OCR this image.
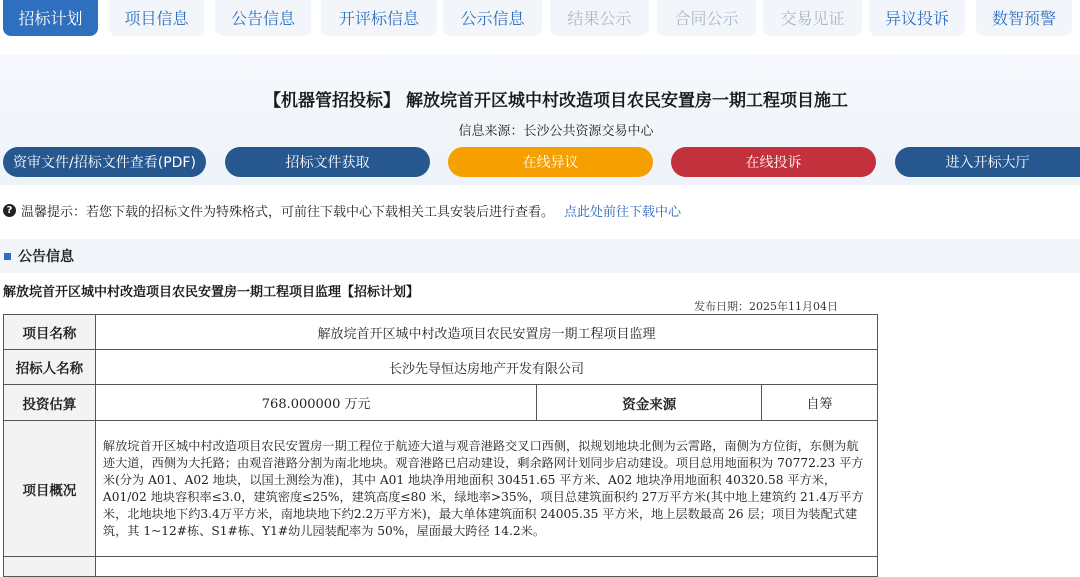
招标计划	项目信息	公告信息	开评标信息	公示信息	结果公示	合同公示	交易见证	异议投诉	数智预警
【机器管招投标】 解放垸首开区城中村改造项目农民安置房一期工程项目施工
信息来源：长沙公共资源交易中心
资审文件/招标文件查看(PDF)	招标文件获取	在线异议	在线投诉	进入开标大厅
? 温馨提示：若您下载的招标文件为特殊格式，可前往下载中心下载相关工具安装后进行查看。 点此处前往下载中心
公告信息
解放垸首开区城中村改造项目农民安置房一期工程项目监理【招标计划】
发布日期：2025年11月04日
项目名称	解放垸首开区城中村改造项目农民安置房一期工程项目监理		
招标人名称	长沙先导恒达房地产开发有限公司		
投资估算	768.000000 万元	资金来源	自筹
项目概况	解放垸首开区城中村改造项目农民安置房一期工程位于航迹大道与观音港路交叉口西侧，拟规划地块北侧为云霄路，南侧为方位街，东侧为航迹大道，西侧为大托路；由观音港路分割为南北地块。观音港路已启动建设，剩余路网计划同步启动建设。项目总用地面积为 70772.23 平方米(分为 A01、A02 地块，以国土测绘为准)，其中 A01 地块净用地面积 30451.65 平方米、A02 地块净用地面积 40320.58 平方米，A01/02 地块容积率≤3.0，建筑密度≤25%，建筑高度≤80 米，绿地率>35%，项目总建筑面积约 27万平方米(其中地上建筑约 21.4万平方米，北地块地下约3.4万平方米，南地块地下约2.2万平方米)，最大单体建筑面积 24005.35 平方米，地上层数最高 26 层；项目为装配式建筑，其 1~12#栋、S1#栋、Y1#幼儿园装配率为 50%，屋面最大跨径 14.2米。		
